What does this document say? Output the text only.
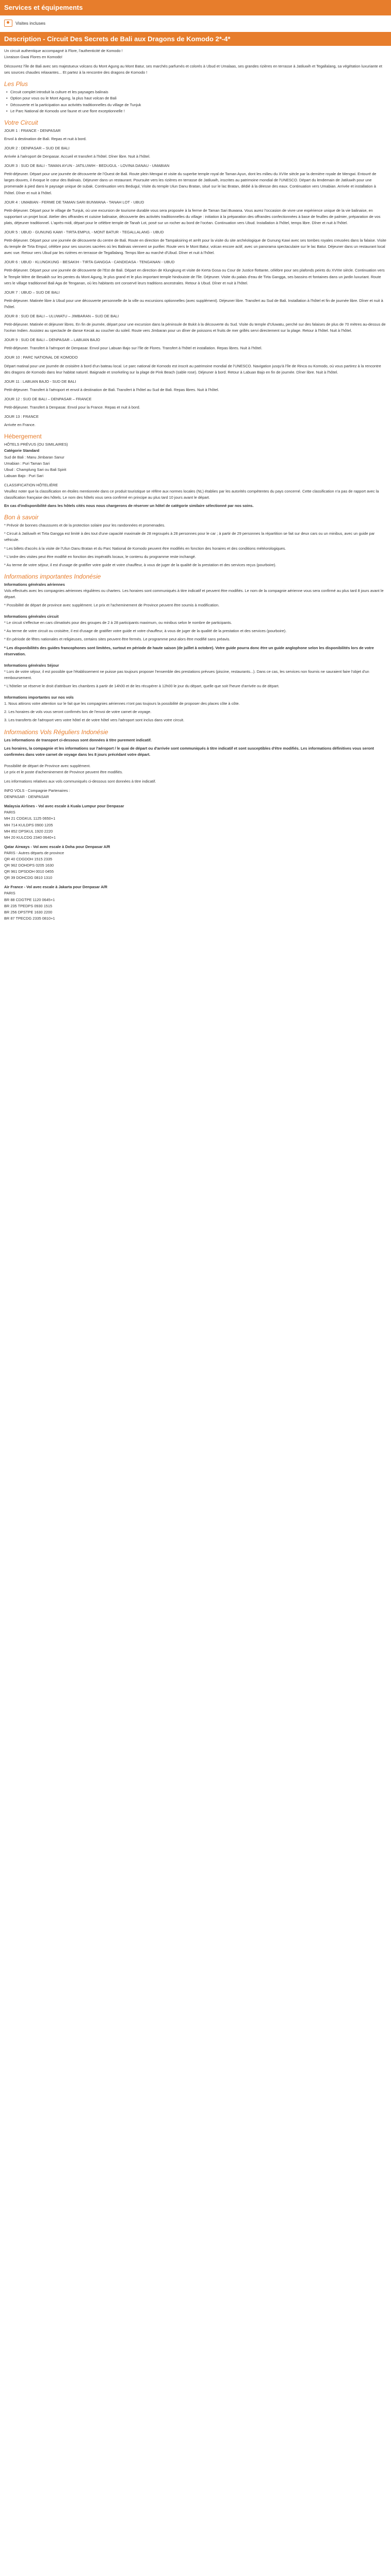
Services et équipements
Visites incluses
Description - Circuit Des Secrets de Bali aux Dragons de Komodo 2*-4*

Un circuit authentique accompagné à Flore, l'authenticité de Komodo !

Livraison Gwai Flores en Komodo!

Découvrez l'île de Bali avec ses majestueux volcans du Mont Agung au Mont Batur, ses marchés parfumés et colorés à Ubud et Umalaas, ses grandes rizières en terrasse à Jatiluwih et Tegallalang, sa végétation luxuriante et ses sources chaudes relaxantes... Et partez à la rencontre des dragons de Komodo !

Les Plus
• Circuit complet introduit la culture et les paysages balinais
• Option pour vous ou le Mont Agung, la plus haut volcan de Bali
• Découverte et la participation aux activités traditionnelles du village de Tunjuk
• Le Parc National de Komodo une faune et une flore exceptionnelle !
Votre Circuit

JOUR 1 : FRANCE - DENPASAR

Envol à destination de Bali. Repas et nuit à bord.

JOUR 2 : DENPASAR – SUD DE BALI

Arrivée à l'aéroport de Denpasar. Accueil et transfert à l'hôtel. Dîner libre. Nuit à l'hôtel.

JOUR 3 : SUD DE BALI - TAMAN AYUN - JATILUWIH - BEDUGUL - LOVINA DANAU - UMABIAN

Petit-déjeuner. Départ pour une journée de découverte de l'Ouest de Bali. Route plein Mengwi et visite du superbe temple royal de Taman Ayun, dont les milieu du XVIIe siècle par la dernière royale de Mengwi. Entouré de larges douves, il évoque le cœur des Balinais. Déjeuner dans un restaurant. Poursuite vers les rizières en terrasse de Jatiluwih, inscrites au patrimoine mondial de l'UNESCO. Départ du lendemain de Jatiluwih pour une promenade à pied dans le paysage unique de subak. Continuation vers Bedugul, Visite du temple Ulun Danu Bratan, situé sur le lac Bratan, dédié à la déesse des eaux. Continuation vers Umabian. Arrivée et installation à l'hôtel. Dîner et nuit à l'hôtel.

JOUR 4 : UMABIAN - FERME DE TAMAN SARI BUNWANA - TANAH LOT - UBUD

Petit-déjeuner. Départ pour le village de Tunjuk, où une excursion de tourisme durable vous sera proposée à la ferme de Taman Sari Buwana. Vous aurez l'occasion de vivre une expérience unique de la vie balinaise, en supportant un projet local. Atelier des offrandes et cuisine balinaise, découverte des activités traditionnelles du village : initiation à la préparation des offrandes confectionnées à base de feuilles de palmier, préparation de vos plats, déjeuner traditionnel. L'après-midi, départ pour le célèbre temple de Tanah Lot, posé sur un rocher au bord de l'océan. Continuation vers Ubud. Installation à l'hôtel, temps libre. Dîner et nuit à l'hôtel.

JOUR 5 : UBUD - GUNUNG KAWI - TIRTA EMPUL - MONT BATUR - TEGALLALANG - UBUD

Petit-déjeuner. Départ pour une journée de découverte du centre de Bali. Route en direction de Tampaksiring et arrêt pour la visite du site archéologique de Gunung Kawi avec ses tombes royales creusées dans la falaise. Visite du temple de Tirta Empul, célèbre pour ses sources sacrées où les Balinais viennent se purifier. Route vers le Mont Batur, volcan encore actif, avec un panorama spectaculaire sur le lac Batur. Déjeuner dans un restaurant local avec vue. Retour vers Ubud par les rizières en terrasse de Tegallalang. Temps libre au marché d'Ubud. Dîner et nuit à l'hôtel.

JOUR 6 : UBUD - KLUNGKUNG - BESAKIH - TIRTA GANGGA - CANDIDASA - TENGANAN - UBUD

Petit-déjeuner. Départ pour une journée de découverte de l'Est de Bali. Départ en direction de Klungkung et visite de Kerta Gosa ou Cour de Justice flottante, célèbre pour ses plafonds peints du XVIIIe siècle. Continuation vers le Temple Mère de Besakih sur les pentes du Mont Agung, le plus grand et le plus important temple hindouiste de l'île. Déjeuner. Visite du palais d'eau de Tirta Gangga, ses bassins et fontaines dans un jardin luxuriant. Route vers le village traditionnel Bali Aga de Tenganan, où les habitants ont conservé leurs traditions ancestrales. Retour à Ubud. Dîner et nuit à l'hôtel.

JOUR 7 : UBUD – SUD DE BALI

Petit-déjeuner. Matinée libre à Ubud pour une découverte personnelle de la ville ou excursions optionnelles (avec supplément). Déjeuner libre. Transfert au Sud de Bali. Installation à l'hôtel et fin de journée libre. Dîner et nuit à l'hôtel.

JOUR 8 : SUD DE BALI – ULUWATU – JIMBARAN – SUD DE BALI

Petit-déjeuner. Matinée et déjeuner libres. En fin de journée, départ pour une excursion dans la péninsule de Bukit à la découverte du Sud. Visite du temple d'Uluwatu, perché sur des falaises de plus de 70 mètres au-dessus de l'océan Indien. Assistez au spectacle de danse Kecak au coucher du soleil. Route vers Jimbaran pour un dîner de poissons et fruits de mer grillés servi directement sur la plage. Retour à l'hôtel. Nuit à l'hôtel.

JOUR 9 : SUD DE BALI – DENPASAR – LABUAN BAJO

Petit-déjeuner. Transfert à l'aéroport de Denpasar. Envol pour Labuan Bajo sur l'île de Flores. Transfert à l'hôtel et installation. Repas libres. Nuit à l'hôtel.

JOUR 10 : PARC NATIONAL DE KOMODO

Départ matinal pour une journée de croisière à bord d'un bateau local. Le parc national de Komodo est inscrit au patrimoine mondial de l'UNESCO. Navigation jusqu'à l'île de Rinca ou Komodo, où vous partirez à la rencontre des dragons de Komodo dans leur habitat naturel. Baignade et snorkeling sur la plage de Pink Beach (sable rose). Déjeuner à bord. Retour à Labuan Bajo en fin de journée. Dîner libre. Nuit à l'hôtel.

JOUR 11 : LABUAN BAJO - SUD DE BALI

Petit-déjeuner. Transfert à l'aéroport et envol à destination de Bali. Transfert à l'hôtel au Sud de Bali. Repas libres. Nuit à l'hôtel.

JOUR 12 : SUD DE BALI – DENPASAR – FRANCE

Petit-déjeuner. Transfert à Denpasar. Envol pour la France. Repas et nuit à bord.

JOUR 13 : FRANCE

Arrivée en France.

Hébergement

HÔTELS PRÉVUS (OU SIMILAIRES)

Catégorie Standard

Sud de Bali : Manu Jimbaran Sanur

Umabian : Puri Taman Sari

Ubud : Champlung Sari ou Bali Spirit

Labuan Bajo : Puri Sari

CLASSIFICATION HÔTELIÈRE

Veuillez noter que la classification en étoiles mentionnée dans ce produit touristique se réfère aux normes locales (NL) établies par les autorités compétentes du pays concerné. Cette classification n'a pas de rapport avec la classification française des hôtels. Le nom des hôtels vous sera confirmé en principe au plus tard 10 jours avant le départ.

En cas d'indisponibilité dans les hôtels cités nous nous chargerons de réserver un hôtel de catégorie similaire sélectionné par nos soins.

Bon à savoir

* Prévoir de bonnes chaussures et de la protection solaire pour les randonnées et promenades.

* Circuit à Jatiluwih et Tirta Gangga est limité à des tout d'une capacité maximale de 28 regroupés à 28 personnes pour le car ; à partir de 29 personnes la répartition se fait sur deux cars ou un minibus, avec un guide par véhicule.

* Les billets d'accès à la visite de l'Ulun Danu Bratan et du Parc National de Komodo peuvent être modifiés en fonction des horaires et des conditions météorologiques.

* L'ordre des visites peut être modifié en fonction des impératifs locaux, le contenu du programme reste inchangé.

* Au terme de votre séjour, il est d'usage de gratifier votre guide et votre chauffeur, à vous de juger de la qualité de la prestation et des services reçus (pourboire).

Informations importantes Indonésie

Informations générales aériennes

Vols effectués avec les compagnies aériennes régulières ou charters. Les horaires sont communiqués à titre indicatif et peuvent être modifiés. Le nom de la compagnie aérienne vous sera confirmé au plus tard 8 jours avant le départ.

* Possibilité de départ de province avec supplément. Le prix et l'acheminement de Province peuvent être soumis à modification.

Informations générales circuit

* Le circuit s'effectue en cars climatisés pour des groupes de 2 à 28 participants maximum, ou minibus selon le nombre de participants.

* Au terme de votre circuit ou croisière, il est d'usage de gratifier votre guide et votre chauffeur, à vous de juger de la qualité de la prestation et des services (pourboire).

* En période de fêtes nationales et religieuses, certains sites peuvent être fermés. Le programme peut alors être modifié sans préavis.

* Les disponibilités des guides francophones sont limitées, surtout en période de haute saison (de juillet à octobre). Votre guide pourra donc être un guide anglophone selon les disponibilités lors de votre réservation.

Informations générales Séjour

* Lors de votre séjour, il est possible que l'établissement ne puisse pas toujours proposer l'ensemble des prestations prévues (piscine, restaurants...). Dans ce cas, les services non fournis ne sauraient faire l'objet d'un remboursement.

* L'hôtelier se réserve le droit d'attribuer les chambres à partir de 14h00 et de les récupérer à 12h00 le jour du départ, quelle que soit l'heure d'arrivée ou de départ.

Informations importantes sur nos vols

1. Nous attirons votre attention sur le fait que les compagnies aériennes n'ont pas toujours la possibilité de proposer des places côte à côte.

2. Les horaires de vols vous seront confirmés lors de l'envoi de votre carnet de voyage.

3. Les transferts de l'aéroport vers votre hôtel et de votre hôtel vers l'aéroport sont inclus dans votre circuit.

Informations Vols Réguliers Indonésie

Les informations de transport ci-dessous sont données à titre purement indicatif.

Les horaires, la compagnie et les informations sur l'aéroport / le quai de départ ou d'arrivée sont communiqués à titre indicatif et sont susceptibles d'être modifiés. Les informations définitives vous seront confirmées dans votre carnet de voyage dans les 8 jours précédant votre départ.

Possibilité de départ de Province avec supplément.

Le prix et le poste d'acheminement de Province peuvent être modifiés.

Les informations relatives aux vols communiqués ci-dessous sont données à titre indicatif.

INFO VOLS - Compagnie Partenaires :

DENPASAR - DENPASAR

Malaysia Airlines - Vol avec escale à Kuala Lumpur pour Denpasar

PARIS

MH 21 CDGKUL 1125 0650+1

MH 714 KULDPS 0900 1205

MH 852 DPSKUL 1920 2220

MH 20 KULCDG 2340 0640+1

Qatar Airways - Vol avec escale à Doha pour Denpasar A/R

PARIS - Autres départs de province

QR 40 CDGDOH 1515 2335

QR 962 DOHDPS 0205 1630

QR 961 DPSDOH 0010 0455

QR 39 DOHCDG 0810 1310

Air France - Vol avec escale à Jakarta pour Denpasar A/R

PARIS

BR 88 CDGTPE 1120 0645+1

BR 235 TPEDPS 0930 1515

BR 256 DPSTPE 1630 2200

BR 87 TPECDG 2335 0810+1
